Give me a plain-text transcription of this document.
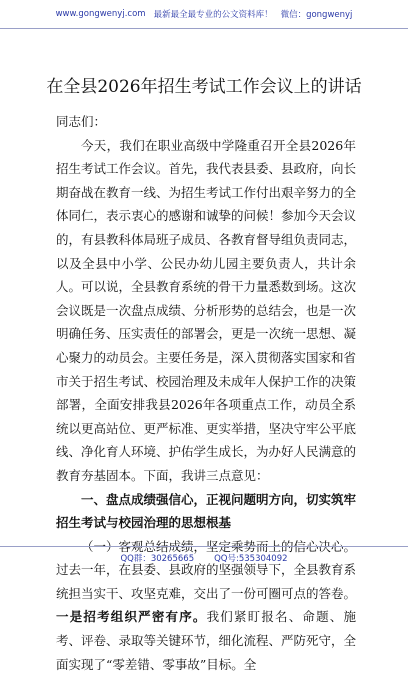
www.gongwenyj.com 最新最全最专业的公文资料库！ 微信：gongwenyj
在全县2026年招生考试工作会议上的讲话

同志们：

今天，我们在职业高级中学隆重召开全县2026年招生考试工作会议。首先，我代表县委、县政府，向长期奋战在教育一线、为招生考试工作付出艰辛努力的全体同仁，表示衷心的感谢和诚挚的问候！参加今天会议的，有县教科体局班子成员、各教育督导组负责同志，以及全县中小学、公民办幼儿园主要负责人，共计余人。可以说，全县教育系统的骨干力量悉数到场。这次会议既是一次盘点成绩、分析形势的总结会，也是一次明确任务、压实责任的部署会，更是一次统一思想、凝心聚力的动员会。主要任务是，深入贯彻落实国家和省市关于招生考试、校园治理及未成年人保护工作的决策部署，全面安排我县2026年各项重点工作，动员全系统以更高站位、更严标准、更实举措，坚决守牢公平底线、净化育人环境、护佑学生成长，为办好人民满意的教育夯基固本。下面，我讲三点意见：

一、盘点成绩强信心，正视问题明方向，切实筑牢招生考试与校园治理的思想根基

（一）客观总结成绩，坚定乘势而上的信心决心。过去一年，在县委、县政府的坚强领导下，全县教育系统担当实干、攻坚克难，交出了一份可圈可点的答卷。一是招考组织严密有序。我们紧盯报名、命题、施考、评卷、录取等关键环节，细化流程、严防死守，全面实现了“零差错、零事故”目标。全

QQ群：30265665 QQ号:535304092
